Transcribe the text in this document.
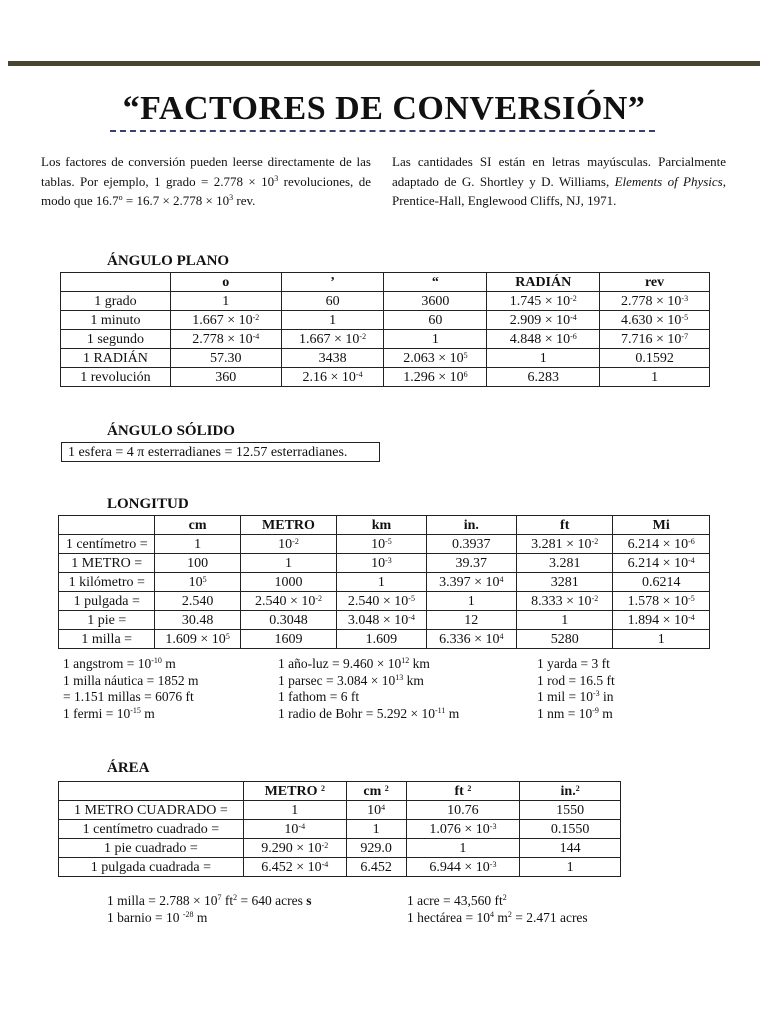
“FACTORES DE CONVERSIÓN”
Los factores de conversión pueden leerse directamente de las tablas. Por ejemplo, 1 grado = $2.778 \times 10^3$ revoluciones, de modo que $16.7^o = 16.7 \times 2.778 \times 10^3$ rev.
Las cantidades SI están en letras mayúsculas. Parcialmente adaptado de G. Shortley y D. Williams, Elements of Physics, Prentice-Hall, Englewood Cliffs, NJ, 1971.
ÁNGULO PLANO
	o	’	“	RADIÁN	rev
1 grado	1	60	3600	$1.745 \times 10^{-2}$	$2.778 \times 10^{-3}$
1 minuto	$1.667 \times 10^{-2}$	1	60	$2.909 \times 10^{-4}$	$4.630 \times 10^{-5}$
1 segundo	$2.778 \times 10^{-4}$	$1.667 \times 10^{-2}$	1	$4.848 \times 10^{-6}$	$7.716 \times 10^{-7}$
1 RADIÁN	57.30	3438	$2.063 \times 10^5$	1	0.1592
1 revolución	360	$2.16 \times 10^{-4}$	$1.296 \times 10^6$	6.283	1
ÁNGULO SÓLIDO
1 esfera = 4 π esterradianes = 12.57 esterradianes.
LONGITUD
	cm	METRO	km	in.	ft	Mi
1 centímetro =	1	$10^{-2}$	$10^{-5}$	0.3937	$3.281 \times 10^{-2}$	$6.214 \times 10^{-6}$
1 METRO =	100	1	$10^{-3}$	39.37	3.281	$6.214 \times 10^{-4}$
1 kilómetro =	$10^5$	1000	1	$3.397 \times 10^4$	3281	0.6214
1 pulgada =	2.540	$2.540 \times 10^{-2}$	$2.540 \times 10^{-5}$	1	$8.333 \times 10^{-2}$	$1.578 \times 10^{-5}$
1 pie =	30.48	0.3048	$3.048 \times 10^{-4}$	12	1	$1.894 \times 10^{-4}$
1 milla =	$1.609 \times 10^5$	1609	1.609	$6.336 \times 10^4$	5280	1
1 angstrom = $10^{-10}$ m
1 milla náutica = 1852 m
= 1.151 millas = 6076 ft
1 fermi = $10^{-15}$ m
1 año-luz = $9.460 \times 10^{12}$ km
1 $parsec = 3.084 \times 10^{13}$ km
1 fathom = 6 ft
1 radio de Bohr = $5.292 \times 10^{-11}$ m
1 yarda = 3 ft
1 rod = 16.5 ft
1 mil = $10^{-3}$ in
1 nm = $10^{-9}$ m
ÁREA
	METRO $^2$	cm $^2$	ft $^2$	in.$^2$
1 METRO CUADRADO =	1	$10^4$	10.76	1550
1 centímetro cuadrado =	$10^{-4}$	1	$1.076 \times 10^{-3}$	0.1550
1 pie cuadrado =	$9.290 \times 10^{-2}$	929.0	1	144
1 pulgada cuadrada =	$6.452 \times 10^{-4}$	6.452	$6.944 \times 10^{-3}$	1
1 milla = $2.788 \times 10^7$ $ft^2 = 640$ acres s
1 barnio = 10 $^{-28}$ m
1 acre = 43,560 $ft^2$
1 hectárea = $10^4$ $m^2 = 2.471$ acres
